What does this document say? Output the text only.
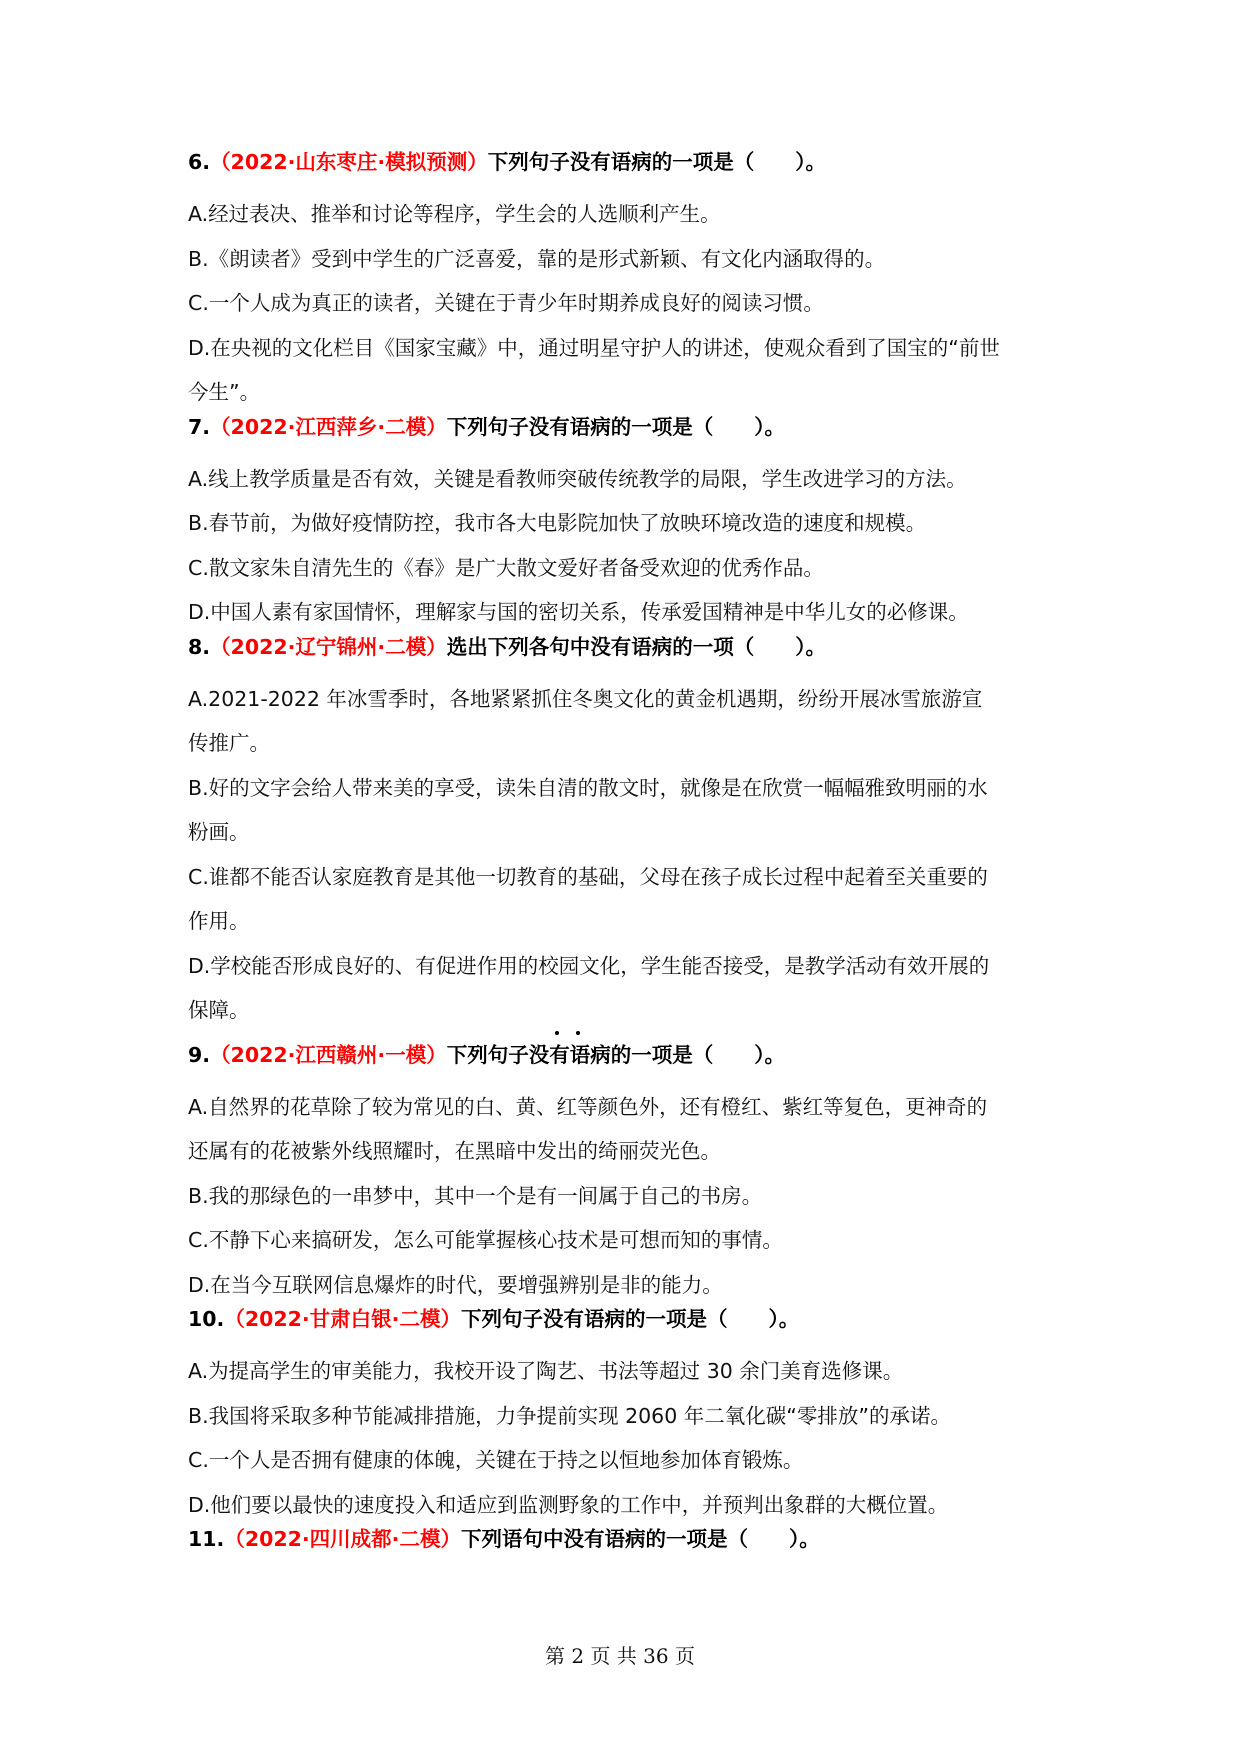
6.（2022·山东枣庄·模拟预测）下列句子没有语病的一项是（　　）。

A.经过表决、推举和讨论等程序，学生会的人选顺利产生。

B.《朗读者》受到中学生的广泛喜爱，靠的是形式新颖、有文化内涵取得的。

C.一个人成为真正的读者，关键在于青少年时期养成良好的阅读习惯。

D.在央视的文化栏目《国家宝藏》中，通过明星守护人的讲述，使观众看到了国宝的“前世

今生”。

7.（2022·江西萍乡·二模）下列句子没有语病的一项是（　　）。

A.线上教学质量是否有效，关键是看教师突破传统教学的局限，学生改进学习的方法。

B.春节前，为做好疫情防控，我市各大电影院加快了放映环境改造的速度和规模。

C.散文家朱自清先生的《春》是广大散文爱好者备受欢迎的优秀作品。

D.中国人素有家国情怀，理解家与国的密切关系，传承爱国精神是中华儿女的必修课。

8.（2022·辽宁锦州·二模）选出下列各句中没有语病的一项（　　）。

A.2021-2022 年冰雪季时，各地紧紧抓住冬奥文化的黄金机遇期，纷纷开展冰雪旅游宣

传推广。

B.好的文字会给人带来美的享受，读朱自清的散文时，就像是在欣赏一幅幅雅致明丽的水

粉画。

C.谁都不能否认家庭教育是其他一切教育的基础，父母在孩子成长过程中起着至关重要的

作用。

D.学校能否形成良好的、有促进作用的校园文化，学生能否接受，是教学活动有效开展的

保障。

9.（2022·江西赣州·一模）下列句子没有语病的一项是（　　）。

A.自然界的花草除了较为常见的白、黄、红等颜色外，还有橙红、紫红等复色，更神奇的

还属有的花被紫外线照耀时，在黑暗中发出的绮丽荧光色。

B.我的那绿色的一串梦中，其中一个是有一间属于自己的书房。

C.不静下心来搞研发，怎么可能掌握核心技术是可想而知的事情。

D.在当今互联网信息爆炸的时代，要增强辨别是非的能力。

10.（2022·甘肃白银·二模）下列句子没有语病的一项是（　　）。

A.为提高学生的审美能力，我校开设了陶艺、书法等超过 30 余门美育选修课。

B.我国将采取多种节能减排措施，力争提前实现 2060 年二氧化碳“零排放”的承诺。

C.一个人是否拥有健康的体魄，关键在于持之以恒地参加体育锻炼。

D.他们要以最快的速度投入和适应到监测野象的工作中，并预判出象群的大概位置。

11.（2022·四川成都·二模）下列语句中没有语病的一项是（　　）。

第 2 页 共 36 页
